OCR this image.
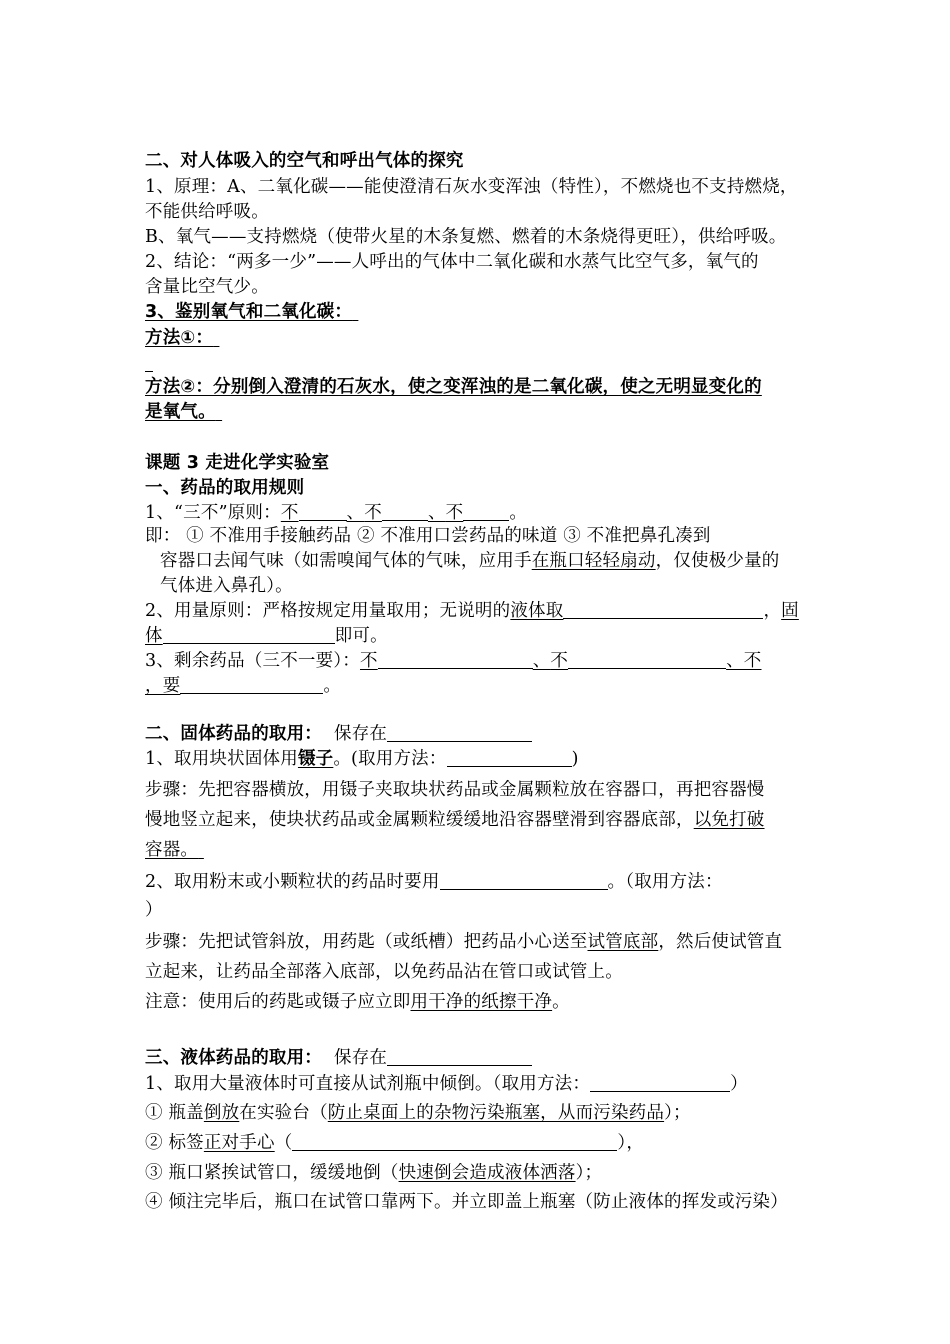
二、对人体吸入的空气和呼出气体的探究
1、原理：A、二氧化碳——能使澄清石灰水变浑浊（特性），不燃烧也不支持燃烧，
不能供给呼吸。
B、氧气——支持燃烧（使带火星的木条复燃、燃着的木条烧得更旺），供给呼吸。
2、结论：“两多一少”——人呼出的气体中二氧化碳和水蒸气比空气多，氧气的
含量比空气少。
3、鉴别氧气和二氧化碳：
方法①：
方法②：分别倒入澄清的石灰水，使之变浑浊的是二氧化碳，使之无明显变化的
是氧气。
课题 3 走进化学实验室
一、药品的取用规则
1、“三不”原则：不	、不	、不	。
即： ① 不准用手接触药品 ② 不准用口尝药品的味道 ③ 不准把鼻孔凑到
容器口去闻气味（如需嗅闻气体的气味，应用手在瓶口轻轻扇动，仅使极少量的
气体进入鼻孔）。
2、用量原则：严格按规定用量取用；无说明的液体取	，固
体	即可。
3、剩余药品（三不一要）：不	、不	、不
，要	。
二、固体药品的取用： 保存在
1、取用块状固体用镊子。(取用方法：	)
步骤：先把容器横放，用镊子夹取块状药品或金属颗粒放在容器口，再把容器慢
慢地竖立起来，使块状药品或金属颗粒缓缓地沿容器壁滑到容器底部，以免打破
容器。
2、取用粉末或小颗粒状的药品时要用	。（取用方法：
）
步骤：先把试管斜放，用药匙（或纸槽）把药品小心送至试管底部，然后使试管直
立起来，让药品全部落入底部，以免药品沾在管口或试管上。
注意：使用后的药匙或镊子应立即用干净的纸擦干净。
三、液体药品的取用： 保存在
1、取用大量液体时可直接从试剂瓶中倾倒。（取用方法：	）
① 瓶盖倒放在实验台（防止桌面上的杂物污染瓶塞，从而污染药品）；
② 标签正对手心（	），
③ 瓶口紧挨试管口，缓缓地倒（快速倒会造成液体洒落）；
④ 倾注完毕后，瓶口在试管口靠两下。并立即盖上瓶塞（防止液体的挥发或污染）
